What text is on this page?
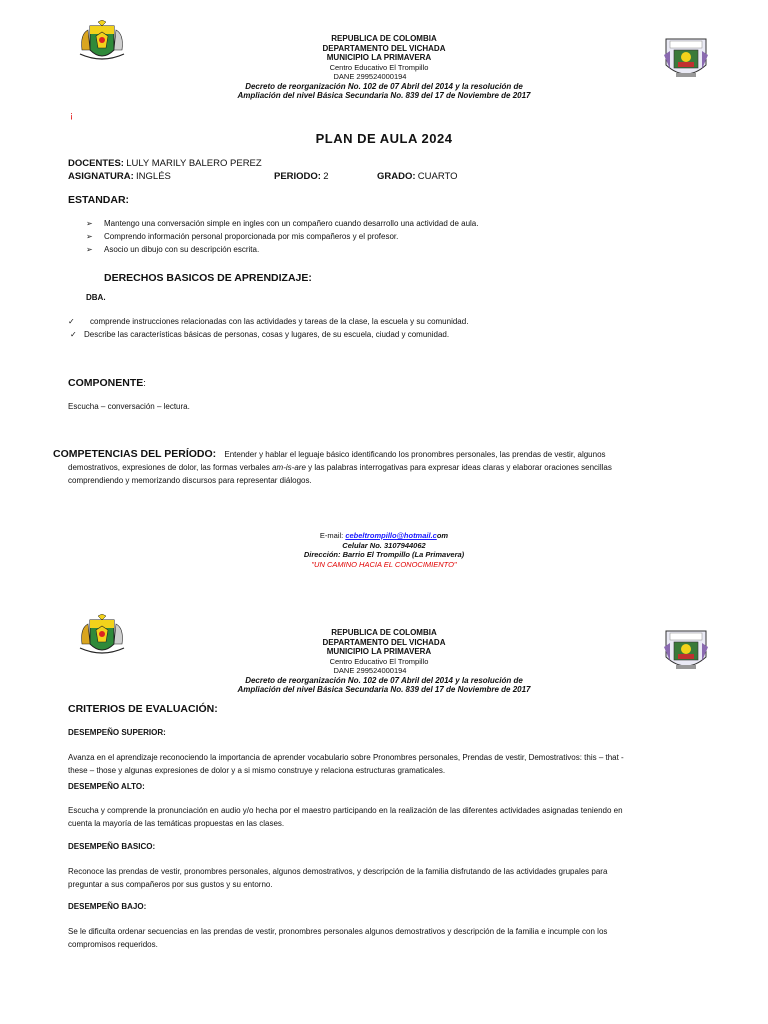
REPUBLICA DE COLOMBIA
DEPARTAMENTO DEL VICHADA
MUNICIPIO LA PRIMAVERA
Centro Educativo El Trompillo
DANE 299524000194
Decreto de reorganización No. 102 de 07 Abril del 2014 y la resolución de
Ampliación del nivel Básica Secundaria No. 839 del 17 de Noviembre de 2017
¡
PLAN DE AULA 2024
DOCENTES: LULY MARILY BALERO PEREZ
ASIGNATURA: INGLÉS	PERIODO: 2	GRADO: CUARTO
ESTANDAR:
➢ Mantengo una conversación simple en ingles con un compañero cuando desarrollo una actividad de aula.
➢ Comprendo información personal proporcionada por mis compañeros y el profesor.
➢ Asocio un dibujo con su descripción escrita.
DERECHOS BASICOS DE APRENDIZAJE:
DBA.
✓ comprende instrucciones relacionadas con las actividades y tareas de la clase, la escuela y su comunidad.
✓ Describe las características básicas de personas, cosas y lugares, de su escuela, ciudad y comunidad.
COMPONENTE:
Escucha – conversación – lectura.
COMPETENCIAS DEL PERÍODO: Entender y hablar el leguaje básico identificando los pronombres personales, las prendas de vestir, algunos
demostrativos, expresiones de dolor, las formas verbales am-is-are y las palabras interrogativas para expresar ideas claras y elaborar oraciones sencillas
comprendiendo y memorizando discursos para representar diálogos.
E-mail: cebeltrompillo@hotmail.com
Celular No. 3107944062
Dirección: Barrio El Trompillo (La Primavera)
"UN CAMINO HACIA EL CONOCIMIENTO"
REPUBLICA DE COLOMBIA
DEPARTAMENTO DEL VICHADA
MUNICIPIO LA PRIMAVERA
Centro Educativo El Trompillo
DANE 299524000194
Decreto de reorganización No. 102 de 07 Abril del 2014 y la resolución de
Ampliación del nivel Básica Secundaria No. 839 del 17 de Noviembre de 2017
CRITERIOS DE EVALUACIÓN:
DESEMPEÑO SUPERIOR:
Avanza en el aprendizaje reconociendo la importancia de aprender vocabulario sobre Pronombres personales, Prendas de vestir, Demostrativos: this – that -
these – those y algunas expresiones de dolor y a si mismo construye y relaciona estructuras gramaticales.
DESEMPEÑO ALTO:
Escucha y comprende la pronunciación en audio y/o hecha por el maestro participando en la realización de las diferentes actividades asignadas teniendo en
cuenta la mayoría de las temáticas propuestas en las clases.
DESEMPEÑO BASICO:
Reconoce las prendas de vestir, pronombres personales, algunos demostrativos, y descripción de la familia disfrutando de las actividades grupales para
preguntar a sus compañeros por sus gustos y su entorno.
DESEMPEÑO BAJO:
Se le dificulta ordenar secuencias en las prendas de vestir, pronombres personales algunos demostrativos y descripción de la familia e incumple con los
compromisos requeridos.
